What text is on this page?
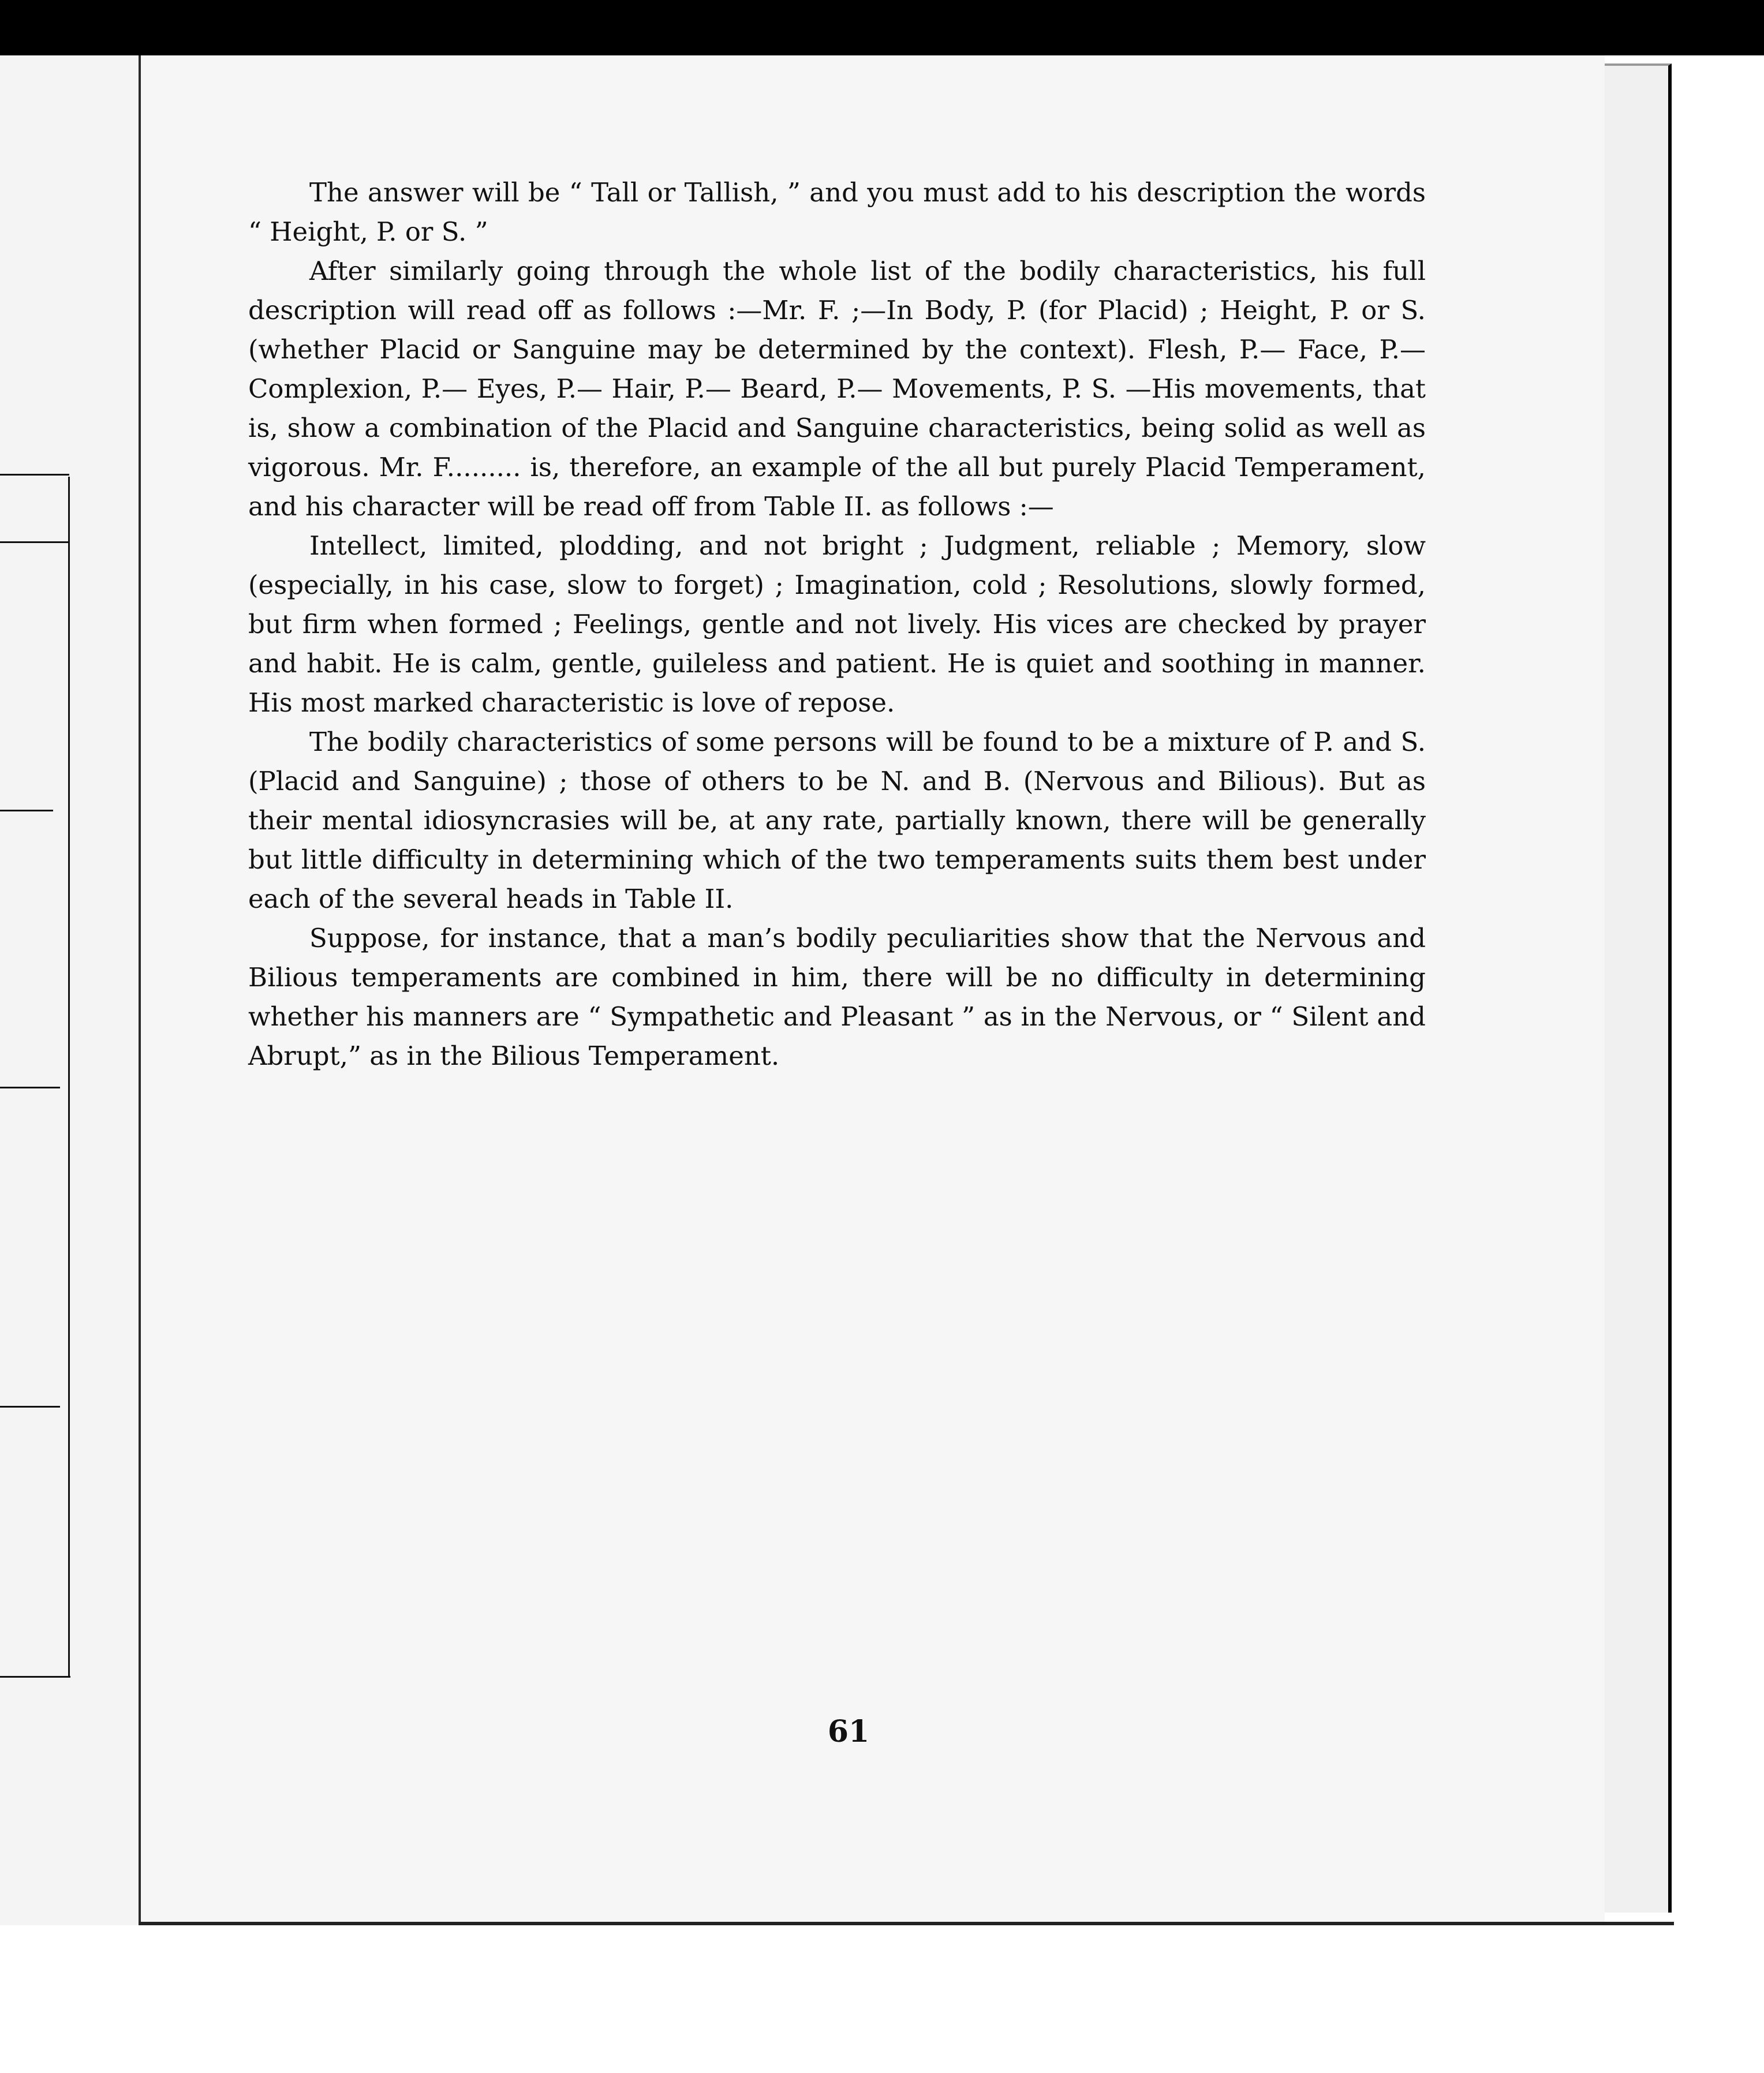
The answer will be “ Tall or Tallish, ” and you must add to his description the words “ Height, P. or S. ”

After similarly going through the whole list of the bodily characteristics, his full description will read off as follows :—Mr. F. ;—In Body, P. (for Placid) ; Height, P. or S. (whether Placid or Sanguine may be determined by the context). Flesh, P.— Face, P.— Complexion, P.— Eyes, P.— Hair, P.— Beard, P.— Movements, P. S. —His movements, that is, show a combination of the Placid and Sanguine characteristics, being solid as well as vigorous. Mr. F......... is, therefore, an example of the all but purely Placid Temperament, and his character will be read off from Table II. as follows :—

Intellect, limited, plodding, and not bright ; Judgment, reliable ; Memory, slow (especially, in his case, slow to forget) ; Imagination, cold ; Resolutions, slowly formed, but firm when formed ; Feelings, gentle and not lively. His vices are checked by prayer and habit. He is calm, gentle, guileless and patient. He is quiet and soothing in manner. His most marked characteristic is love of repose.

The bodily characteristics of some persons will be found to be a mixture of P. and S. (Placid and Sanguine) ; those of others to be N. and B. (Nervous and Bilious). But as their mental idiosyncrasies will be, at any rate, partially known, there will be generally but little difficulty in determining which of the two temperaments suits them best under each of the several heads in Table II.

Suppose, for instance, that a man’s bodily peculiarities show that the Nervous and Bilious temperaments are combined in him, there will be no difficulty in determining whether his manners are “ Sympathetic and Pleasant ” as in the Nervous, or “ Silent and Abrupt,” as in the Bilious Temperament.

61
